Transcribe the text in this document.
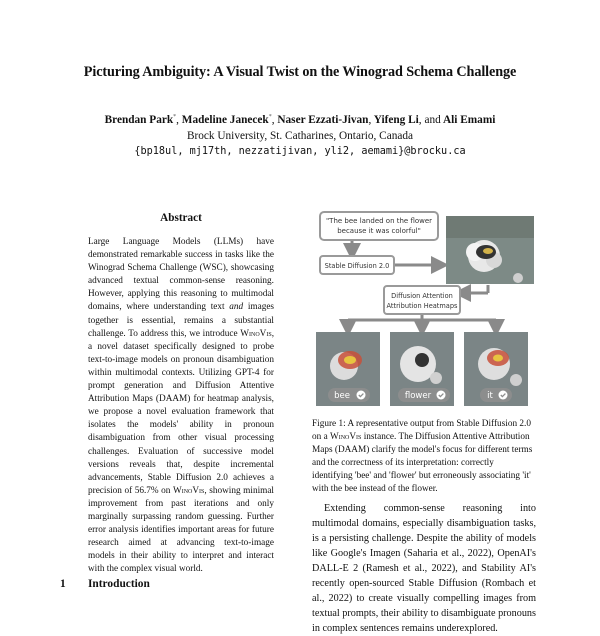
Picturing Ambiguity: A Visual Twist on the Winograd Schema Challenge
Brendan Park*, Madeline Janecek*, Naser Ezzati-Jivan, Yifeng Li, and Ali Emami
Brock University, St. Catharines, Ontario, Canada
{bp18ul, mj17th, nezzatijivan, yli2, aemami}@brocku.ca
Abstract

Large Language Models (LLMs) have demonstrated remarkable success in tasks like the Winograd Schema Challenge (WSC), showcasing advanced textual common-sense reasoning. However, applying this reasoning to multimodal domains, where understanding text and images together is essential, remains a substantial challenge. To address this, we introduce WinoVis, a novel dataset specifically designed to probe text-to-image models on pronoun disambiguation within multimodal contexts. Utilizing GPT-4 for prompt generation and Diffusion Attentive Attribution Maps (DAAM) for heatmap analysis, we propose a novel evaluation framework that isolates the models' ability in pronoun disambiguation from other visual processing challenges. Evaluation of successive model versions reveals that, despite incremental advancements, Stable Diffusion 2.0 achieves a precision of 56.7% on WinoVis, showing minimal improvement from past iterations and only marginally surpassing random guessing. Further error analysis identifies important areas for future research aimed at advancing text-to-image models in their ability to interpret and interact with the complex visual world.

1 Introduction
"The bee landed on the flower
because it was colorful"
Stable Diffusion 2.0
Diffusion Attention
Attribution Heatmaps
bee	flower	it

Figure 1: A representative output from Stable Diffusion 2.0 on a WinoVis instance. The Diffusion Attentive Attribution Maps (DAAM) clarify the model's focus for different terms and the correctness of its interpretation: correctly identifying 'bee' and 'flower' but erroneously associating 'it' with the bee instead of the flower.

Extending common-sense reasoning into multimodal domains, especially disambiguation tasks, is a persisting challenge. Despite the ability of models like Google's Imagen (Saharia et al., 2022), OpenAI's DALL-E 2 (Ramesh et al., 2022), and Stability AI's recently open-sourced Stable Diffusion (Rombach et al., 2022) to create visually compelling images from textual prompts, their ability to disambiguate pronouns in complex sentences remains underexplored.
